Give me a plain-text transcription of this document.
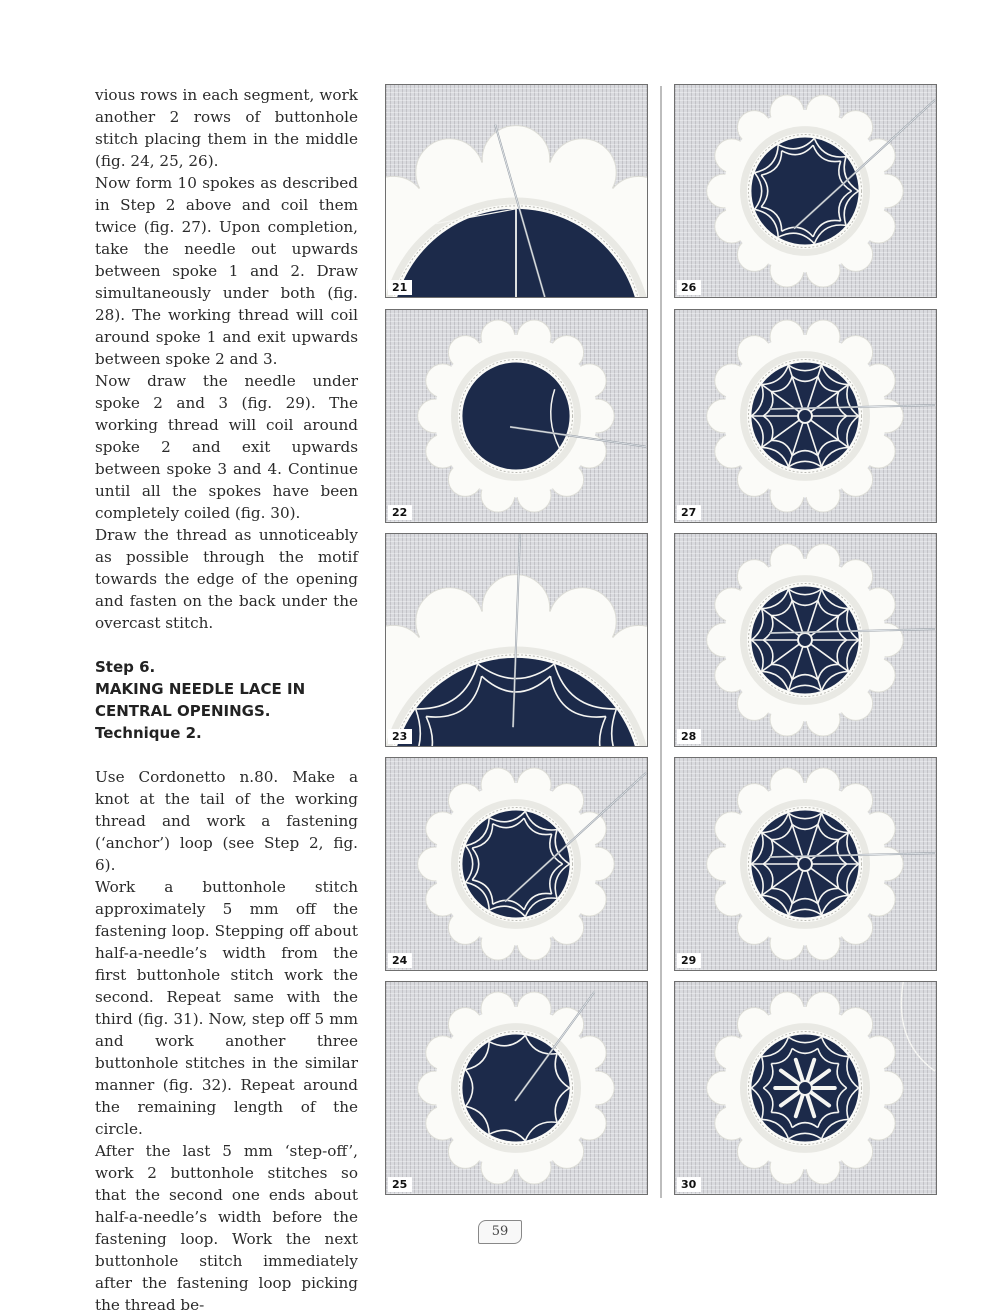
vious rows in each segment, work another 2 rows of buttonhole stitch placing them in the middle (fig. 24, 25, 26).

Now form 10 spokes as described in Step 2 above and coil them twice (fig. 27). Upon completion, take the needle out upwards between spoke 1 and 2. Draw simultaneously under both (fig. 28). The working thread will coil around spoke 1 and exit upwards between spoke 2 and 3.

Now draw the needle under spoke 2 and 3 (fig. 29). The working thread will coil around spoke 2 and exit upwards between spoke 3 and 4. Continue until all the spokes have been completely coiled (fig. 30).

Draw the thread as unnoticeably as possible through the motif towards the edge of the opening and fasten on the back under the overcast stitch.

Step 6.
MAKING NEEDLE LACE IN
CENTRAL OPENINGS.
Technique 2.

Use Cordonetto n.80. Make a knot at the tail of the working thread and work a fastening (‘anchor’) loop (see Step 2, fig. 6).

Work a buttonhole stitch approximately 5 mm off the fastening loop. Stepping off about half-a-needle’s width from the first buttonhole stitch work the second. Repeat same with the third (fig. 31). Now, step off 5 mm and work another three buttonhole stitches in the similar manner (fig. 32). Repeat around the remaining length of the circle.

After the last 5 mm ‘step-off’, work 2 buttonhole stitches so that the second one ends about half-a-needle’s width before the fastening loop. Work the next buttonhole stitch immediately after the fastening loop picking the thread be-

21
22
23
24
25
26
27
28
29
30
59
